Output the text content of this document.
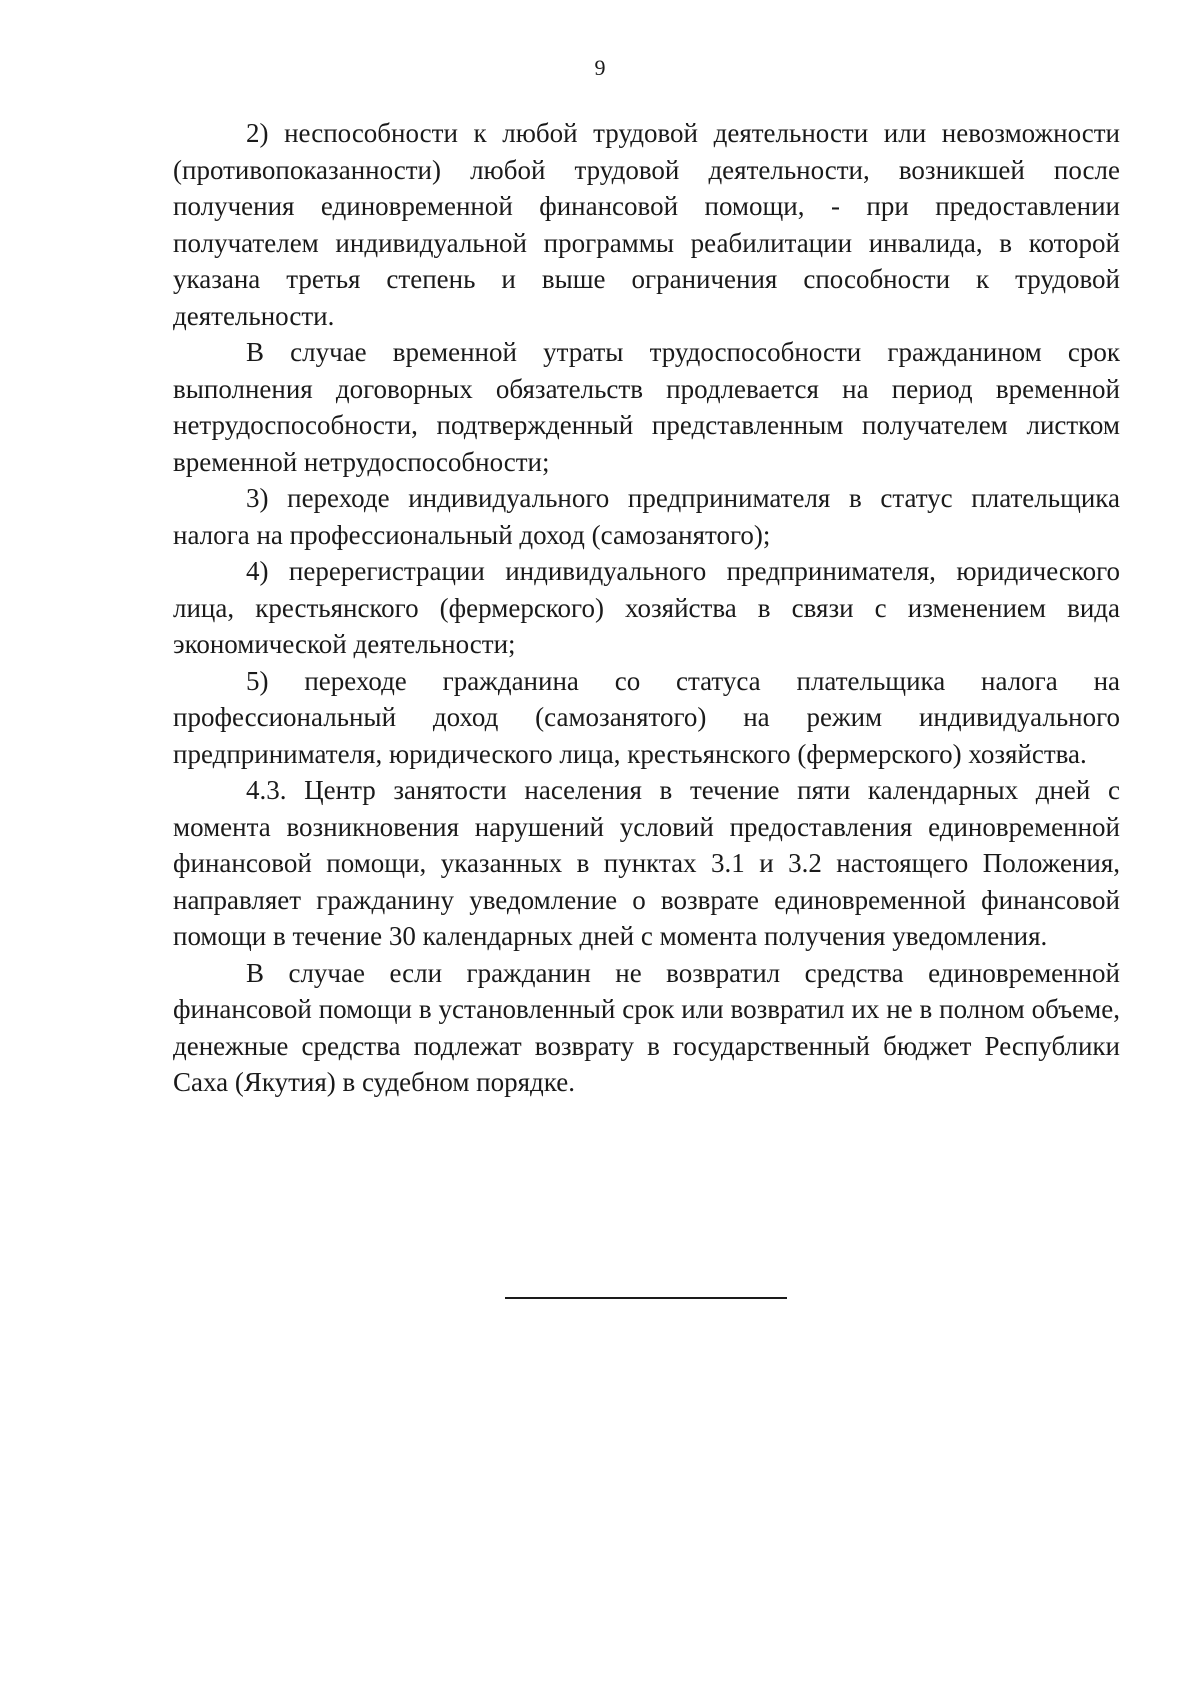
9

2) неспособности к любой трудовой деятельности или невозможности (противопоказанности) любой трудовой деятельности, возникшей после получения единовременной финансовой помощи, - при предоставлении получателем индивидуальной программы реабилитации инвалида, в которой указана третья степень и выше ограничения способности к трудовой деятельности.

В случае временной утраты трудоспособности гражданином срок выполнения договорных обязательств продлевается на период временной нетрудоспособности, подтвержденный представленным получателем листком временной нетрудоспособности;

3) переходе индивидуального предпринимателя в статус плательщика налога на профессиональный доход (самозанятого);

4) перерегистрации индивидуального предпринимателя, юридического лица, крестьянского (фермерского) хозяйства в связи с изменением вида экономической деятельности;

5) переходе гражданина со статуса плательщика налога на профессиональный доход (самозанятого) на режим индивидуального предпринимателя, юридического лица, крестьянского (фермерского) хозяйства.

4.3. Центр занятости населения в течение пяти календарных дней с момента возникновения нарушений условий предоставления единовременной финансовой помощи, указанных в пунктах 3.1 и 3.2 настоящего Положения, направляет гражданину уведомление о возврате единовременной финансовой помощи в течение 30 календарных дней с момента получения уведомления.

В случае если гражданин не возвратил средства единовременной финансовой помощи в установленный срок или возвратил их не в полном объеме, денежные средства подлежат возврату в государственный бюджет Республики Саха (Якутия) в судебном порядке.
